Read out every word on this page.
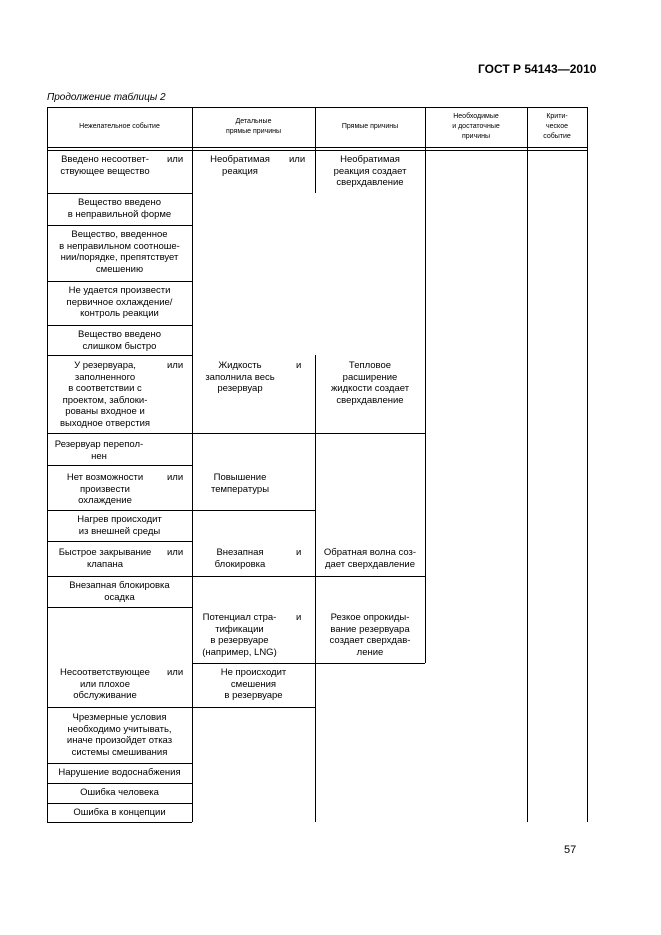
ГОСТ Р 54143—2010
Продолжение таблицы 2
Нежелательное событие
Детальные
прямые причины
Прямые причины
Необходимые
и достаточные
причины
Крити-
ческое
событие
Введено несоответ-
ствующее вещество
или
Вещество введено
в неправильной форме
Вещество, введенное
в неправильном соотноше-
нии/порядке, препятствует
смешению
Не удается произвести
первичное охлаждение/
контроль реакции
Вещество введено
слишком быстро
У резервуара,
заполненного
в соответствии с
проектом, заблоки-
рованы входное и
выходное отверстия
или
Резервуар перепол-
нен
Нет возможности
произвести
охлаждение
или
Нагрев происходит
из внешней среды
Быстрое закрывание
клапана
или
Внезапная блокировка
осадка
Несоответствующее
или плохое
обслуживание
или
Чрезмерные условия
необходимо учитывать,
иначе произойдет отказ
системы смешивания
Нарушение водоснабжения
Ошибка человека
Ошибка в концепции
Необратимая
реакция
или
Жидкость
заполнила весь
резервуар
и
Повышение
температуры
Внезапная
блокировка
и
Потенциал стра-
тификации
в резервуаре
(например, LNG)
и
Не происходит
смешения
в резервуаре
Необратимая
реакция создает
сверхдавление
Тепловое
расширение
жидкости создает
сверхдавление
Обратная волна соз-
дает сверхдавление
Резкое опрокиды-
вание резервуара
создает сверхдав-
ление
57
